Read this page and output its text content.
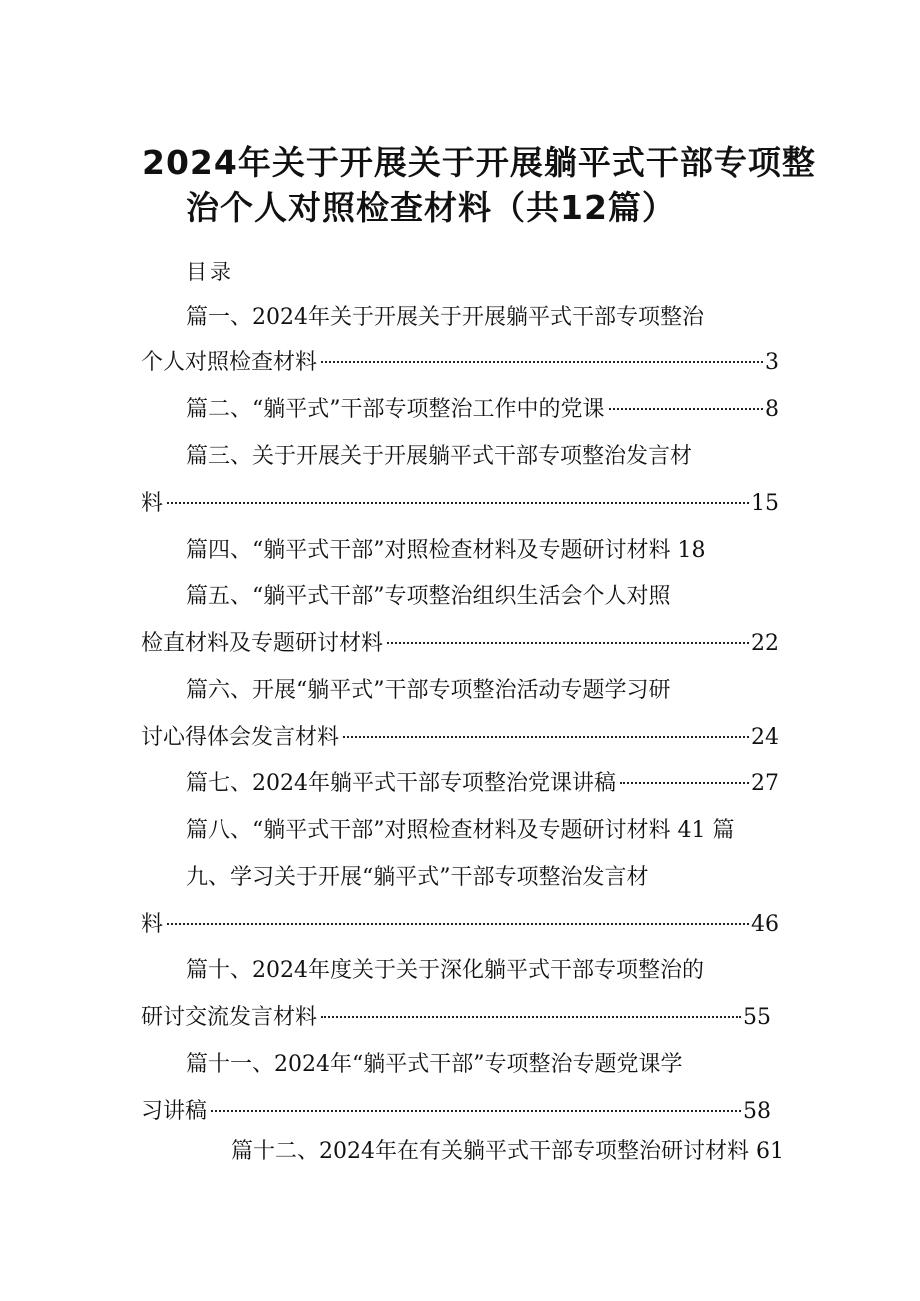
2024年关于开展关于开展躺平式干部专项整
治个人对照检查材料（共12篇）
目录
篇一、2024年关于开展关于开展躺平式干部专项整治
个人对照检查材料	3
篇二、“躺平式”干部专项整治工作中的党课	8
篇三、关于开展关于开展躺平式干部专项整治发言材
料	15
篇四、“躺平式干部”对照检查材料及专题研讨材料 18
篇五、“躺平式干部”专项整治组织生活会个人对照
检直材料及专题研讨材料	22
篇六、开展“躺平式”干部专项整治活动专题学习研
讨心得体会发言材料	24
篇七、2024年躺平式干部专项整治党课讲稿	27
篇八、“躺平式干部”对照检查材料及专题研讨材料 41 篇
九、学习关于开展“躺平式”干部专项整治发言材
料	46
篇十、2024年度关于关于深化躺平式干部专项整治的
研讨交流发言材料	55
篇十一、2024年“躺平式干部”专项整治专题党课学
习讲稿	58
篇十二、2024年在有关躺平式干部专项整治研讨材料 61
